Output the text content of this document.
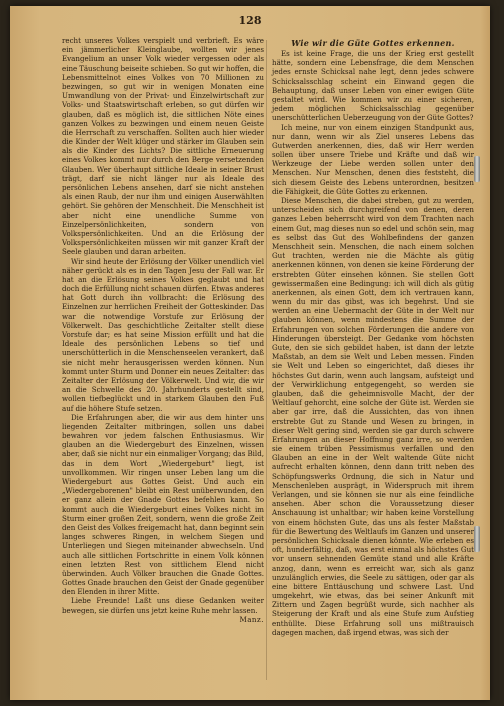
128

recht unseres Volkes verspielt und verbrieft. Es wäre ein jämmerlicher Kleinglaube, wollten wir jenes Evangelium an unser Volk wieder vergessen oder als eine Täuschung beiseite schieben. So gut wir hoffen, die Lebensmittelnot eines Volkes von 70 Millionen zu bezwingen, so gut wir in wenigen Monaten eine Umwandlung von der Privat- und Einzelwirtschaft zur Volks- und Staatswirtschaft erleben, so gut dürfen wir glauben, daß es möglich ist, die sittlichen Nöte eines ganzen Volkes zu bezwingen und einem neuen Geiste die Herrschaft zu verschaffen. Sollten auch hier wieder die Kinder der Welt klüger und stärker im Glauben sein als die Kinder des Lichts? Die sittliche Erneuerung eines Volkes kommt nur durch den Berge versetzenden Glauben. Wer überhaupt sittliche Ideale in seiner Brust trägt, darf sie nicht länger nur als Ideale des persönlichen Lebens ansehen, darf sie nicht anstehen als einen Raub, der nur ihm und einigen Auserwählten gehört. Sie gehören der Menschheit. Die Menschheit ist aber nicht eine unendliche Summe von Einzelpersönlichkeiten, sondern von Volkspersönlichkeiten. Und an die Erlösung der Volkspersönlichkeiten müssen wir mit ganzer Kraft der Seele glauben und daran arbeiten.

Wir sind heute der Erlösung der Völker unendlich viel näher gerückt als es in den Tagen Jesu der Fall war. Er hat an die Erlösung seines Volkes geglaubt und hat doch die Erfüllung nicht schauen dürfen. Etwas anderes hat Gott durch ihn vollbracht: die Erlösung des Einzelnen zur herrlichen Freiheit der Gotteskinder. Das war die notwendige Vorstufe zur Erlösung der Völkerwelt. Das geschichtliche Zeitalter stellt diese Vorstufe dar; es hat seine Mission erfüllt und hat die Ideale des persönlichen Lebens so tief und unerschütterlich in die Menschenseelen verankert, daß sie nicht mehr herausgerissen werden können. Nun kommt unter Sturm und Donner ein neues Zeitalter: das Zeitalter der Erlösung der Völkerwelt. Und wir, die wir an die Schwelle des 20. Jahrhunderts gestellt sind, wollen tiefbeglückt und in starkem Glauben den Fuß auf die höhere Stufe setzen.

Die Erfahrungen aber, die wir aus dem hinter uns liegenden Zeitalter mitbringen, sollen uns dabei bewahren vor jedem falschen Enthusiasmus. Wir glauben an die Wiedergeburt des Einzelnen, wissen aber, daß sie nicht nur ein einmaliger Vorgang; das Bild, das in dem Wort „Wiedergeburt" liegt, ist unvollkommen. Wir ringen unser Leben lang um die Wiedergeburt aus Gottes Geist. Und auch ein „Wiedergeborenen" bleibt ein Rest unüberwunden, den er ganz allein der Gnade Gottes befehlen kann. So kommt auch die Wiedergeburt eines Volkes nicht im Sturm einer großen Zeit, sondern, wenn die große Zeit den Geist des Volkes freigemacht hat, dann beginnt sein langes schweres Ringen, in welchem Siegen und Unterliegen und Siegen miteinander abwechseln. Und auch alle sittlichen Fortschritte in einem Volk können einen letzten Rest von sittlichem Elend nicht überwinden. Auch Völker brauchen die Gnade Gottes. Gottes Gnade brauchen den Geist der Gnade gegenüber den Elenden in ihrer Mitte.

Liebe Freunde! Laßt uns diese Gedanken weiter bewegen, sie dürfen uns jetzt keine Ruhe mehr lassen.
Manz.

Wie wir die Güte Gottes erkennen.

Es ist keine Frage, die uns der Krieg erst gestellt hätte, sondern eine Lebensfrage, die dem Menschen jedes ernste Schicksal nahe legt, denn jedes schwere Schicksalsschlag scheint ein Einwand gegen die Behauptung, daß unser Leben von einer ewigen Güte gestaltet wird. Wie kommen wir zu einer sicheren, jedem möglichen Schicksalsschlag gegenüber unerschütterlichen Ueberzeugung von der Güte Gottes?

Ich meine, nur von einem einzigen Standpunkt aus, nur dann, wenn wir als Ziel unseres Lebens das Gutwerden anerkennen, dies, daß wir Herr werden sollen über unsere Triebe und Kräfte und daß wir Werkzeuge der Liebe werden sollen unter den Menschen. Nur Menschen, denen dies feststeht, die sich diesem Geiste des Lebens unterordnen, besitzen die Fähigkeit, die Güte Gottes zu erkennen.

Diese Menschen, die dabei streben, gut zu werden, unterscheiden sich durchgreifend von denen, deren ganzes Leben beherrscht wird von dem Trachten nach einem Gut, mag dieses nun so edel und schön sein, mag es selbst das Gut des Wohlbefindens der ganzen Menschheit sein. Menschen, die nach einem solchen Gut trachten, werden nie die Mächte als gütig anerkennen können, von denen sie keine Förderung der erstrebten Güter einsehen können. Sie stellen Gott gewissermaßen eine Bedingung: ich will dich als gütig anerkennen, als einen Gott, dem ich vertrauen kann, wenn du mir das gibst, was ich begehrst. Und sie werden an eine Uebermacht der Güte in der Welt nur glauben können, wenn mindestens die Summe der Erfahrungen von solchen Förderungen die andere von Hinderungen übersteigt. Der Gedanke vom höchsten Gute, den sie sich gebildet haben, ist dann der letzte Maßstab, an dem sie Welt und Leben messen. Finden sie Welt und Leben so eingerichtet, daß dieses ihr höchstes Gut darin, wenn auch langsam, aufsteigt und der Verwirklichung entgegengeht, so werden sie glauben, daß die geheimnisvolle Macht, der der Weltlauf gehorcht, eine solche der Güte ist. Werden sie aber gar irre, daß die Aussichten, das von ihnen erstrebte Gut zu Stande und Wesen zu bringen, in dieser Welt gering sind, werden sie gar durch schwere Erfahrungen an dieser Hoffnung ganz irre, so werden sie einem trüben Pessimismus verfallen und den Glauben an eine in der Welt waltende Güte nicht aufrecht erhalten können, denn dann tritt neben des Schöpfungswerks Ordnung, die sich in Natur und Menschenleben ausprägt, in Widerspruch mit ihrem Verlangen, und sie können sie nur als eine feindliche ansehen. Aber schon die Voraussetzung dieser Anschauung ist unhaltbar; wir haben keine Vorstellung von einem höchsten Gute, das uns als fester Maßstab für die Bewertung des Weltlaufs im Ganzen und unserer persönlichen Schicksale dienen könnte. Wie erleben es oft, hunderfältig, daß, was erst einmal als höchstes Gut vor unsern sehnenden Gemüte stand und alle Kräfte anzog, dann, wenn es erreicht war, sich als ganz unzulänglich erwies, die Seele zu sättigen, oder gar als eine bittere Enttäuschung und schwere Last. Und umgekehrt, wie etwas, das bei seiner Ankunft mit Zittern und Zagen begrüßt wurde, sich nachher als Steigerung der Kraft und als eine Stufe zum Aufstieg enthüllte. Diese Erfahrung soll uns mißtrauisch dagegen machen, daß irgend etwas, was sich der
